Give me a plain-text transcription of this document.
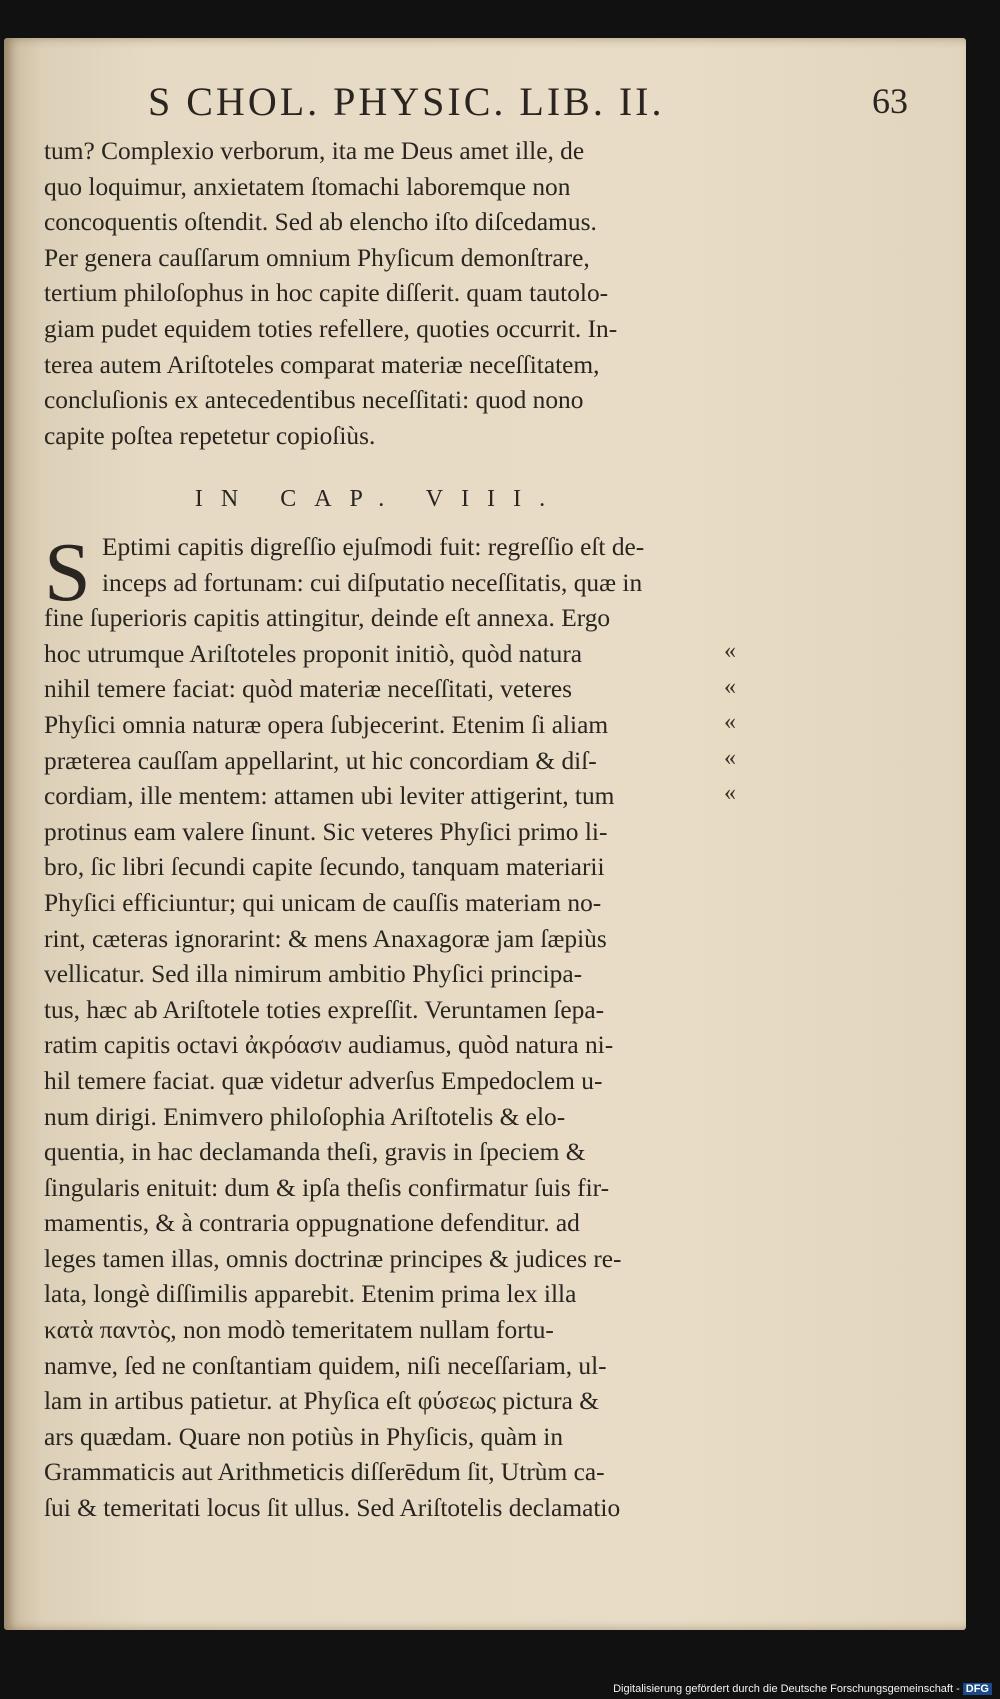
S CHOL. PHYSIC. LIB. II.	63
tum? Complexio verborum, ita me Deus amet ille, de
quo loquimur, anxietatem ſtomachi laboremque non
concoquentis oſtendit. Sed ab elencho iſto diſcedamus.
Per genera cauſſarum omnium Phyſicum demonſtrare,
tertium philoſophus in hoc capite diſſerit. quam tautolo-
giam pudet equidem toties refellere, quoties occurrit. In-
terea autem Ariſtoteles comparat materiæ neceſſitatem,
concluſionis ex antecedentibus neceſſitati: quod nono
capite poſtea repetetur copioſiùs.
IN CAP. VIII.
S Eptimi capitis digreſſio ejuſmodi fuit: regreſſio eſt de-
inceps ad fortunam: cui diſputatio neceſſitatis, quæ in
fine ſuperioris capitis attingitur, deinde eſt annexa. Ergo
hoc utrumque Ariſtoteles proponit initiò, quòd natura
nihil temere faciat: quòd materiæ neceſſitati, veteres
Phyſici omnia naturæ opera ſubjecerint. Etenim ſi aliam
præterea cauſſam appellarint, ut hic concordiam & diſ-
cordiam, ille mentem: attamen ubi leviter attigerint, tum
protinus eam valere ſinunt. Sic veteres Phyſici primo li-
bro, ſic libri ſecundi capite ſecundo, tanquam materiarii
Phyſici efficiuntur; qui unicam de cauſſis materiam no-
rint, cæteras ignorarint: & mens Anaxagoræ jam ſæpiùs
vellicatur. Sed illa nimirum ambitio Phyſici principa-
tus, hæc ab Ariſtotele toties expreſſit. Veruntamen ſepa-
ratim capitis octavi ἀκρόασιν audiamus, quòd natura ni-
hil temere faciat. quæ videtur adverſus Empedoclem u-
num dirigi. Enimvero philoſophia Ariſtotelis & elo-
quentia, in hac declamanda theſi, gravis in ſpeciem &
ſingularis enituit: dum & ipſa theſis confirmatur ſuis fir-
mamentis, & à contraria oppugnatione defenditur. ad
leges tamen illas, omnis doctrinæ principes & judices re-
lata, longè diſſimilis apparebit. Etenim prima lex illa
κατὰ παντὸς, non modò temeritatem nullam fortu-
namve, ſed ne conſtantiam quidem, niſi neceſſariam, ul-
lam in artibus patietur. at Phyſica eſt φύσεως pictura &
ars quædam. Quare non potiùs in Phyſicis, quàm in
Grammaticis aut Arithmeticis diſſerēdum ſit, Utrùm ca-
ſui & temeritati locus ſit ullus. Sed Ariſtotelis declamatio
«
«
«
«
«
Digitalisierung gefördert durch die Deutsche Forschungsgemeinschaft - DFG
